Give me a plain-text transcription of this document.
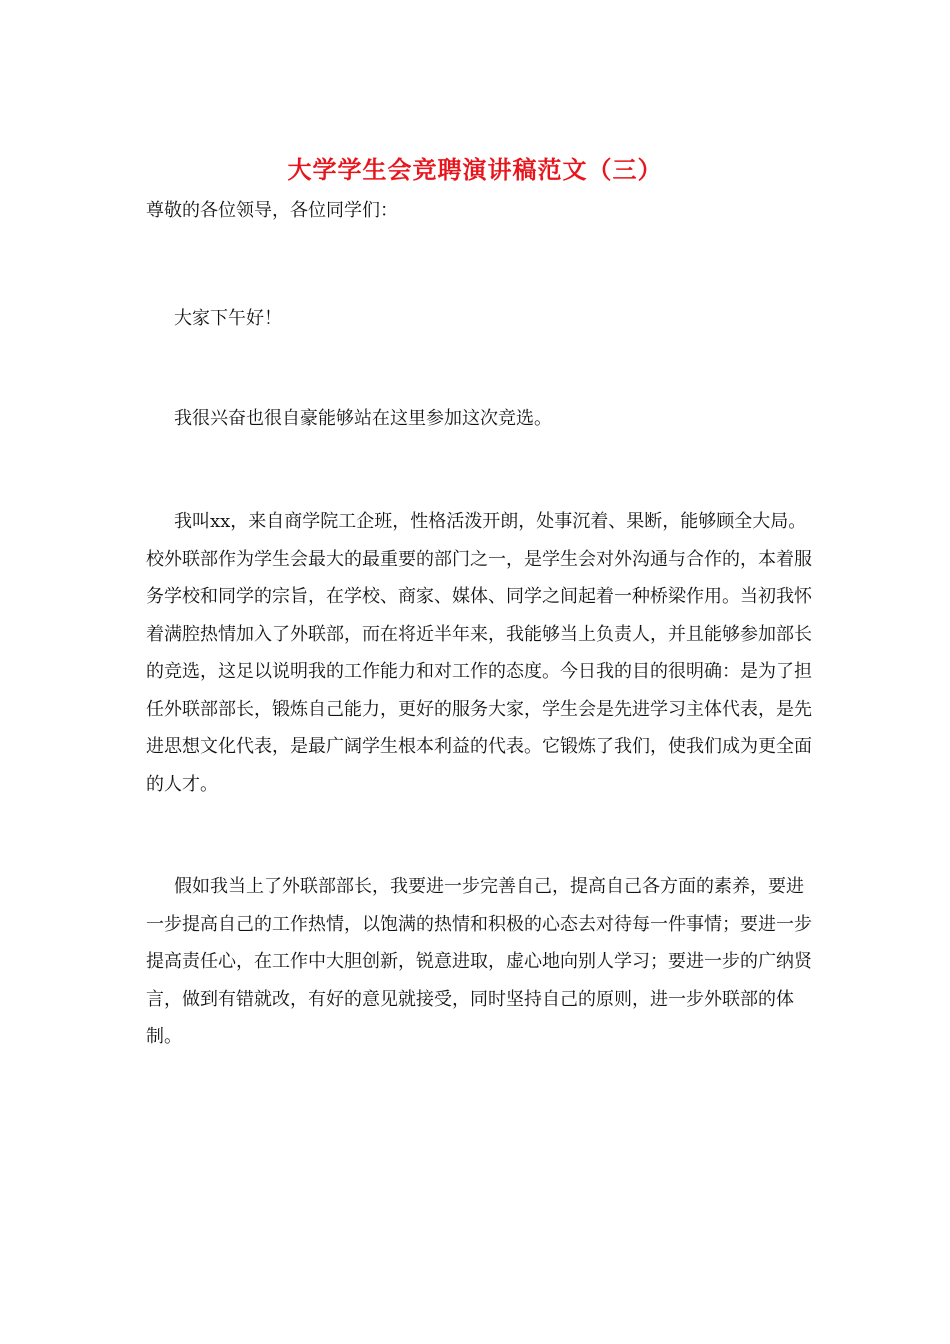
大学学生会竞聘演讲稿范文（三）
尊敬的各位领导，各位同学们：

大家下午好！

我很兴奋也很自豪能够站在这里参加这次竞选。

我叫xx，来自商学院工企班，性格活泼开朗，处事沉着、果断，能够顾全大局。校外联部作为学生会最大的最重要的部门之一，是学生会对外沟通与合作的，本着服务学校和同学的宗旨，在学校、商家、媒体、同学之间起着一种桥梁作用。当初我怀着满腔热情加入了外联部，而在将近半年来，我能够当上负责人，并且能够参加部长的竞选，这足以说明我的工作能力和对工作的态度。今日我的目的很明确：是为了担任外联部部长，锻炼自己能力，更好的服务大家，学生会是先进学习主体代表，是先进思想文化代表，是最广阔学生根本利益的代表。它锻炼了我们，使我们成为更全面的人才。

假如我当上了外联部部长，我要进一步完善自己，提高自己各方面的素养，要进一步提高自己的工作热情，以饱满的热情和积极的心态去对待每一件事情；要进一步提高责任心，在工作中大胆创新，锐意进取，虚心地向别人学习；要进一步的广纳贤言，做到有错就改，有好的意见就接受，同时坚持自己的原则，进一步外联部的体制。
